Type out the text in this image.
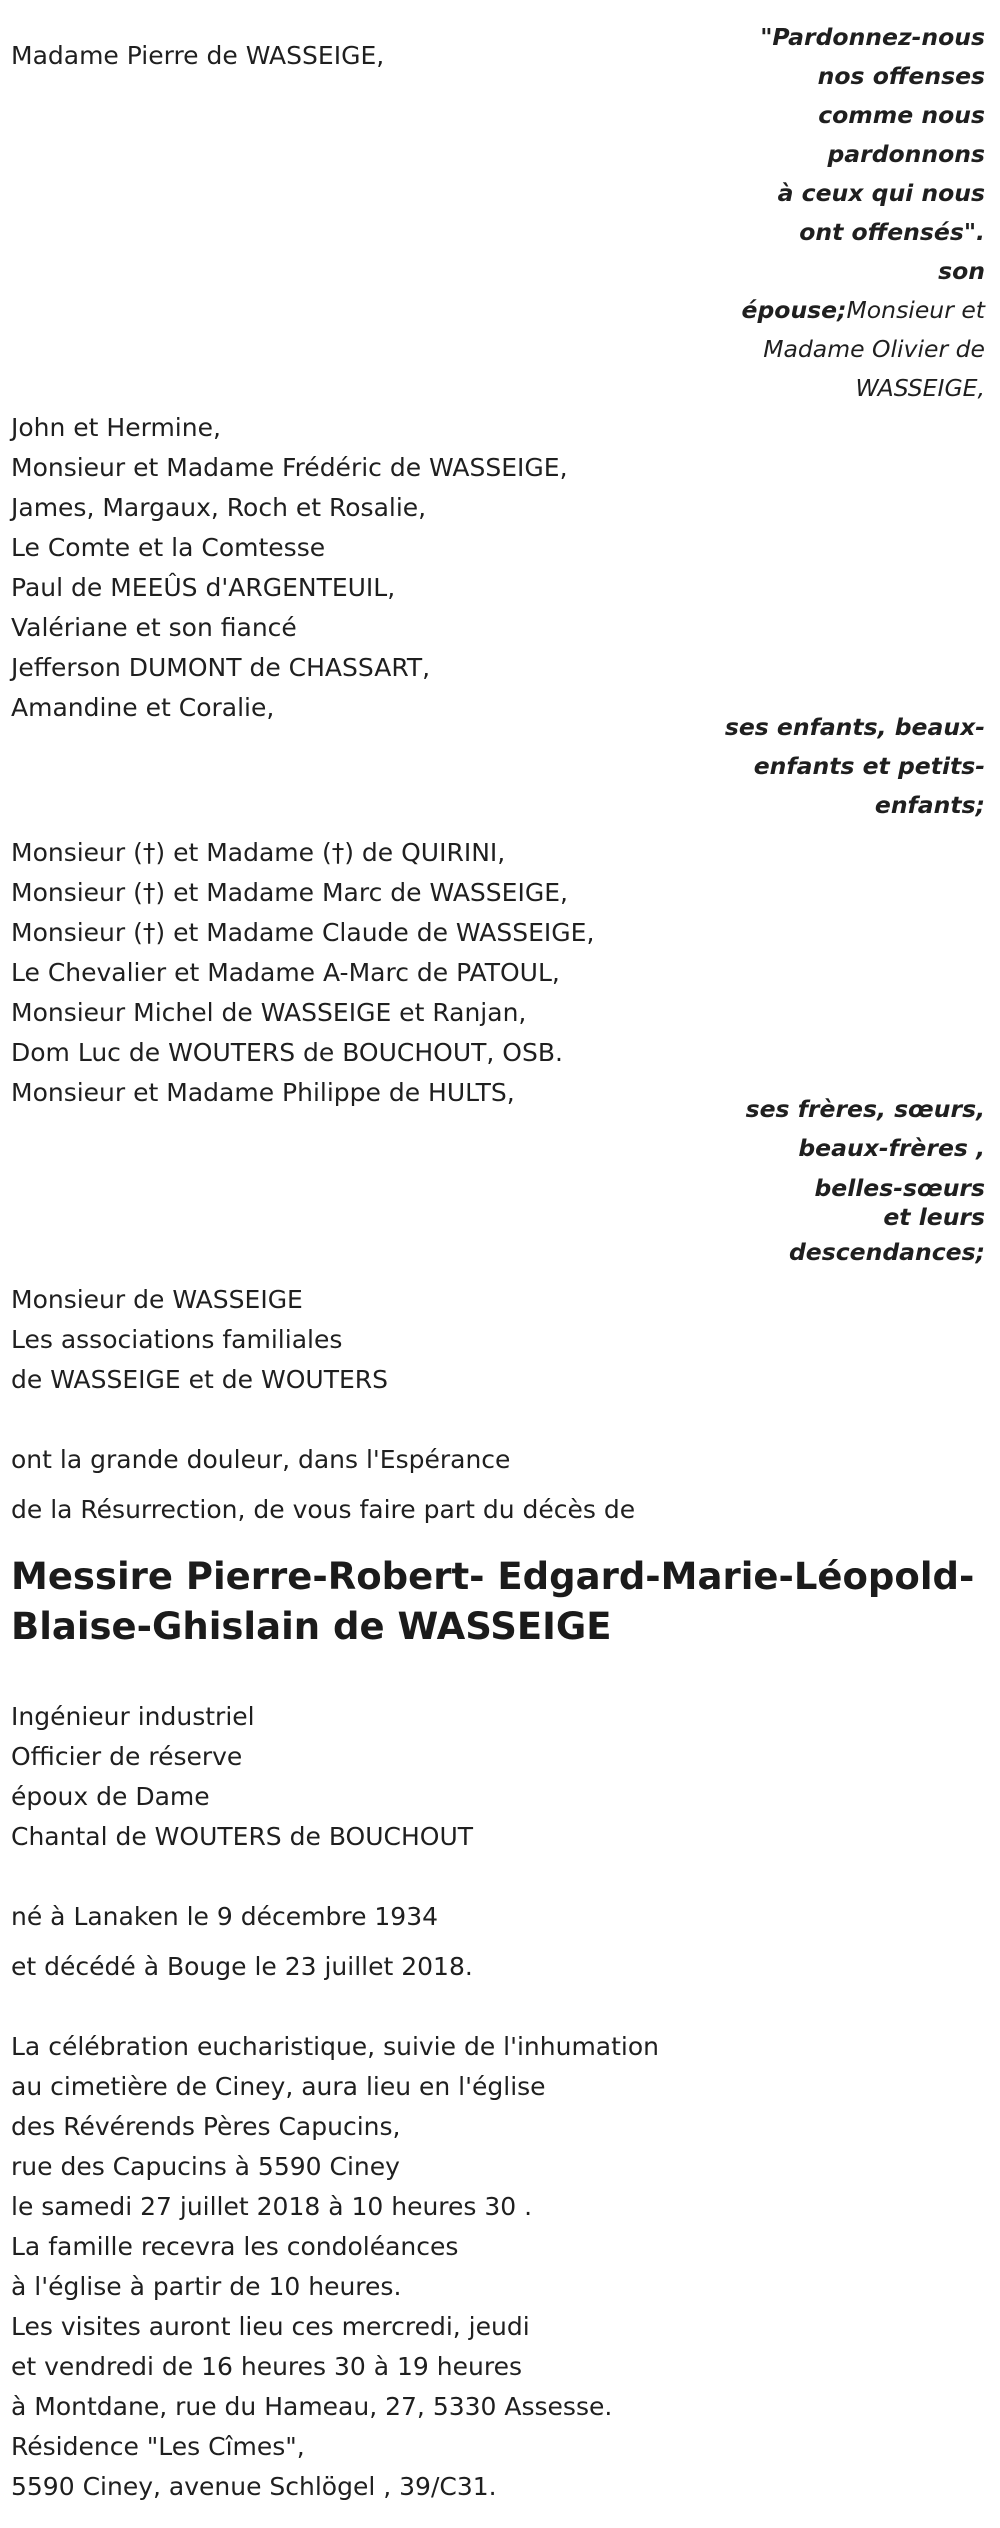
Madame Pierre de WASSEIGE,
John et Hermine,
Monsieur et Madame Frédéric de WASSEIGE,
James, Margaux, Roch et Rosalie,
Le Comte et la Comtesse
Paul de MEEÛS d'ARGENTEUIL,
Valériane et son fiancé
Jefferson DUMONT de CHASSART,
Amandine et Coralie,
Monsieur (†) et Madame (†) de QUIRINI,
Monsieur (†) et Madame Marc de WASSEIGE,
Monsieur (†) et Madame Claude de WASSEIGE,
Le Chevalier et Madame A-Marc de PATOUL,
Monsieur Michel de WASSEIGE et Ranjan,
Dom Luc de WOUTERS de BOUCHOUT, OSB.
Monsieur et Madame Philippe de HULTS,
Monsieur de WASSEIGE
Les associations familiales
de WASSEIGE et de WOUTERS
ont la grande douleur, dans l'Espérance
de la Résurrection, de vous faire part du décès de
Messire Pierre-Robert- Edgard-Marie-Léopold-
Blaise-Ghislain de WASSEIGE
Ingénieur industriel
Officier de réserve
époux de Dame
Chantal de WOUTERS de BOUCHOUT
né à Lanaken le 9 décembre 1934
et décédé à Bouge le 23 juillet 2018.
La célébration eucharistique, suivie de l'inhumation
au cimetière de Ciney, aura lieu en l'église
des Révérends Pères Capucins,
rue des Capucins à 5590 Ciney
le samedi 27 juillet 2018 à 10 heures 30 .
La famille recevra les condoléances
à l'église à partir de 10 heures.
Les visites auront lieu ces mercredi, jeudi
et vendredi de 16 heures 30 à 19 heures
à Montdane, rue du Hameau, 27, 5330 Assesse.
Résidence "Les Cîmes",
5590 Ciney, avenue Schlögel , 39/C31.
"Pardonnez-nous
nos offenses
comme nous
pardonnons
à ceux qui nous
ont offensés".
son
épouse;Monsieur et
Madame Olivier de
WASSEIGE,
ses enfants, beaux-
enfants et petits-
enfants;
ses frères, sœurs,
beaux-frères ,
belles-sœurs
et leurs
descendances;
